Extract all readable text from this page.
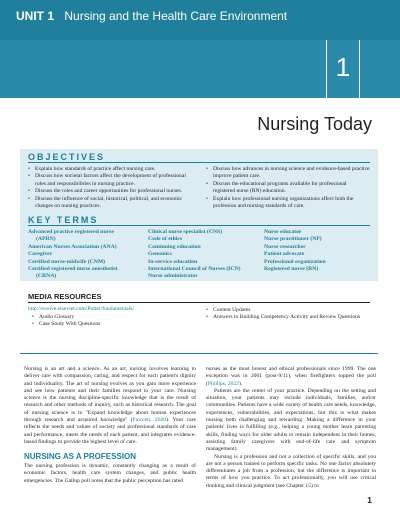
UNIT 1 Nursing and the Health Care Environment
1
Nursing Today
OBJECTIVES
• Explain how standards of practice affect nursing care.
• Discuss how societal factors affect the development of professional roles and responsibilities in nursing practice.
• Discuss the roles and career opportunities for professional nurses.
• Discuss the influence of social, historical, political, and economic changes on nursing practices.
• Discuss how advances in nursing science and evidence-based practice improve patient care.
• Discuss the educational programs available for professional registered nurse (RN) education.
• Explain how professional nursing organizations affect both the profession and nursing standards of care.
KEY TERMS
Advanced practice registered nurse
(APRN)
American Nurses Association (ANA)
Caregiver
Certified nurse-midwife (CNM)
Certified registered nurse anesthetist
(CRNA)
Clinical nurse specialist (CNS)
Code of ethics
Continuing education
Genomics
In-service education
International Council of Nurses (ICN)
Nurse administrator
Nurse educator
Nurse practitioner (NP)
Nurse researcher
Patient advocate
Professional organization
Registered nurse (RN)
MEDIA RESOURCES
http://evolve.elsevier.com/Potter/fundamentals/
• Audio Glossary
• Case Study With Questions
• Content Updates
• Answers to Building Competency Activity and Review Questions

Nursing is an art and a science. As an art, nursing involves learning to deliver care with compassion, caring, and respect for each patient's dignity and individuality. The art of nursing evolves as you gain more experience and see how patients and their families respond to your care. Nursing science is the nursing discipline-specific knowledge that is the result of research and other methods of inquiry, such as historical research. The goal of nursing science is to "Expand knowledge about human experiences through research and acquired knowledge" (Fawcett, 2020). Your care reflects the needs and values of society and professional standards of care and performance, meets the needs of each patient, and integrates evidence-based findings to provide the highest level of care.

NURSING AS A PROFESSION

The nursing profession is dynamic, constantly changing as a result of economic factors, health care system changes, and public health emergencies. The Gallup poll notes that the public perception has rated

nurses as the most honest and ethical professionals since 1999. The one exception was in 2001 (post-9/11), when firefighters topped the poll (Phillips, 2022).

Patients are the center of your practice. Depending on the setting and situation, your patients may include individuals, families, and/or communities. Patients have a wide variety of health care needs, knowledge, experiences, vulnerabilities, and expectations, but this is what makes nursing both challenging and rewarding. Making a difference in your patients' lives is fulfilling (e.g., helping a young mother learn parenting skills, finding ways for older adults to remain independent in their homes, assisting family caregivers with end-of-life care and symptom management).

Nursing is a profession and not a collection of specific skills, and you are not a person trained to perform specific tasks. No one factor absolutely differentiates a job from a profession, but the difference is important in terms of how you practice. To act professionally, you will use critical thinking and clinical judgment (see Chapter 15) to

1
